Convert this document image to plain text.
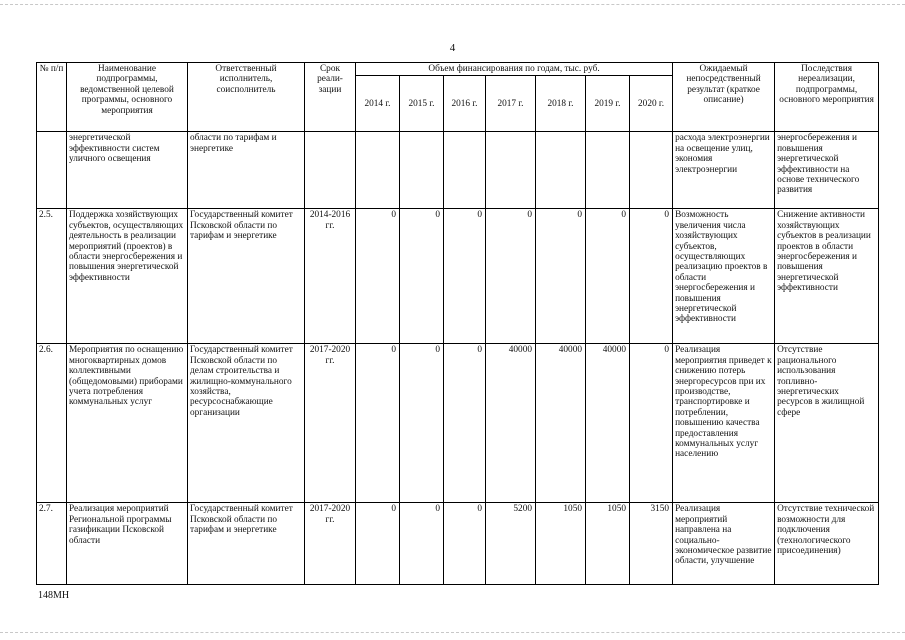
4
№ п/п	Наименование подпрограммы, ведомственной целевой программы, основного мероприятия	Ответственный исполнитель, соисполнитель	Срок реали-зации	Объем финансирования по годам, тыс. руб.							Ожидаемый непосредственный результат (краткое описание)	Последствия нереализации, подпрограммы, основного мероприятия
				2014 г.	2015 г.	2016 г.	2017 г.	2018 г.	2019 г.	2020 г.		
	энергетической эффективности систем уличного освещения	области по тарифам и энергетике									расхода электроэнергии на освещение улиц, экономия электроэнергии	энергосбережения и повышения энергетической эффективности на основе технического развития
2.5.	Поддержка хозяйствующих субъектов, осуществляющих деятельность в реализации мероприятий (проектов) в области энергосбережения и повышения энергетической эффективности	Государственный комитет Псковской области по тарифам и энергетике	2014-2016 гг.	0	0	0	0	0	0	0	Возможность увеличения числа хозяйствующих субъектов, осуществляющих реализацию проектов в области энергосбережения и повышения энергетической эффективности	Снижение активности хозяйствующих субъектов в реализации проектов в области энергосбережения и повышения энергетической эффективности
2.6.	Мероприятия по оснащению многоквартирных домов коллективными (общедомовыми) приборами учета потребления коммунальных услуг	Государственный комитет Псковской области по делам строительства и жилищно-коммунального хозяйства, ресурсоснабжающие организации	2017-2020 гг.	0	0	0	40000	40000	40000	0	Реализация мероприятия приведет к снижению потерь энергоресурсов при их производстве, транспортировке и потреблении, повышению качества предоставления коммунальных услуг населению	Отсутствие рационального использования топливно-энергетических ресурсов в жилищной сфере
2.7.	Реализация мероприятий Региональной программы газификации Псковской области	Государственный комитет Псковской области по тарифам и энергетике	2017-2020 гг.	0	0	0	5200	1050	1050	3150	Реализация мероприятий направлена на социально-экономическое развитие области, улучшение	Отсутствие технической возможности для подключения (технологического присоединения)
148МН
